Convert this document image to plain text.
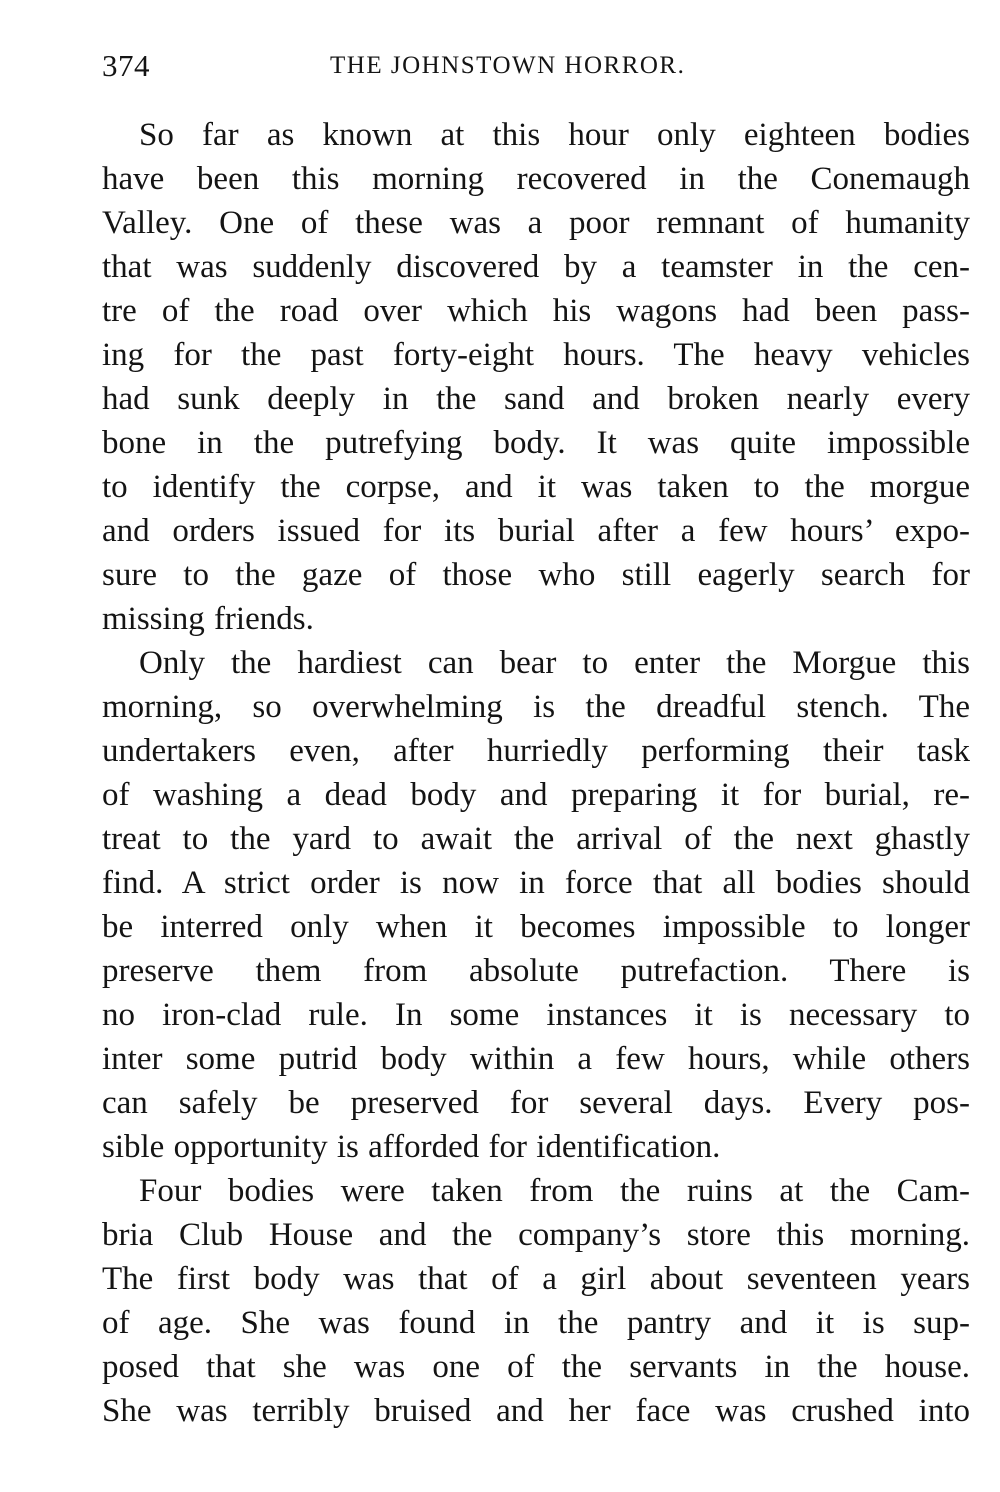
374	THE JOHNSTOWN HORROR.
So far as known at this hour only eighteen bodies
have been this morning recovered in the Conemaugh
Valley. One of these was a poor remnant of humanity
that was suddenly discovered by a teamster in the cen-
tre of the road over which his wagons had been pass-
ing for the past forty-eight hours. The heavy vehicles
had sunk deeply in the sand and broken nearly every
bone in the putrefying body. It was quite impossible
to identify the corpse, and it was taken to the morgue
and orders issued for its burial after a few hours’ expo-
sure to the gaze of those who still eagerly search for
missing friends.
Only the hardiest can bear to enter the Morgue this
morning, so overwhelming is the dreadful stench. The
undertakers even, after hurriedly performing their task
of washing a dead body and preparing it for burial, re-
treat to the yard to await the arrival of the next ghastly
find. A strict order is now in force that all bodies should
be interred only when it becomes impossible to longer
preserve them from absolute putrefaction. There is
no iron-clad rule. In some instances it is necessary to
inter some putrid body within a few hours, while others
can safely be preserved for several days. Every pos-
sible opportunity is afforded for identification.
Four bodies were taken from the ruins at the Cam-
bria Club House and the company’s store this morning.
The first body was that of a girl about seventeen years
of age. She was found in the pantry and it is sup-
posed that she was one of the servants in the house.
She was terribly bruised and her face was crushed into
